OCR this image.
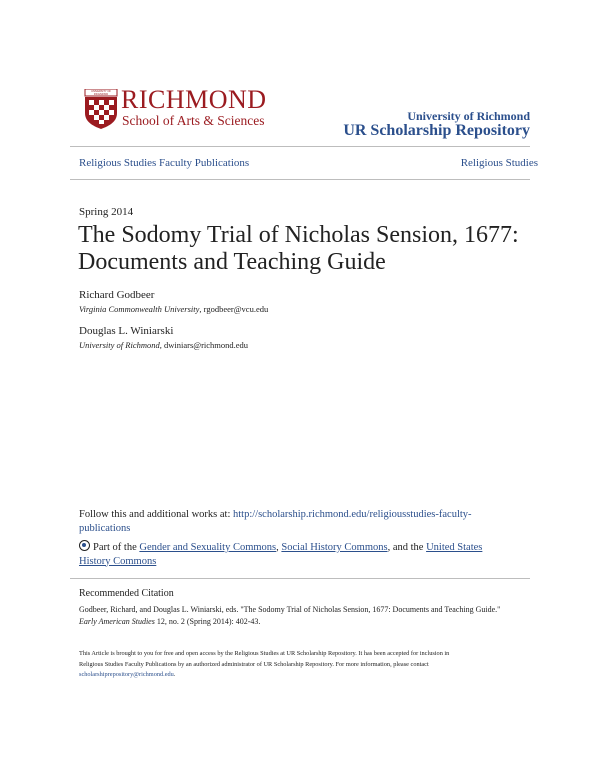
UNIVERSITY OF RICHMOND RICHMOND
School of Arts & Sciences	University of Richmond
UR Scholarship Repository
Religious Studies Faculty Publications	Religious Studies
Spring 2014
The Sodomy Trial of Nicholas Sension, 1677:
Documents and Teaching Guide
Richard Godbeer
Virginia Commonwealth University, rgodbeer@vcu.edu
Douglas L. Winiarski
University of Richmond, dwiniars@richmond.edu
Follow this and additional works at: http://scholarship.richmond.edu/religiousstudies-faculty-
publications
Part of the Gender and Sexuality Commons, Social History Commons, and the United States
History Commons
Recommended Citation
Godbeer, Richard, and Douglas L. Winiarski, eds. "The Sodomy Trial of Nicholas Sension, 1677: Documents and Teaching Guide."
Early American Studies 12, no. 2 (Spring 2014): 402-43.
This Article is brought to you for free and open access by the Religious Studies at UR Scholarship Repository. It has been accepted for inclusion in
Religious Studies Faculty Publications by an authorized administrator of UR Scholarship Repository. For more information, please contact
scholarshiprepository@richmond.edu.
